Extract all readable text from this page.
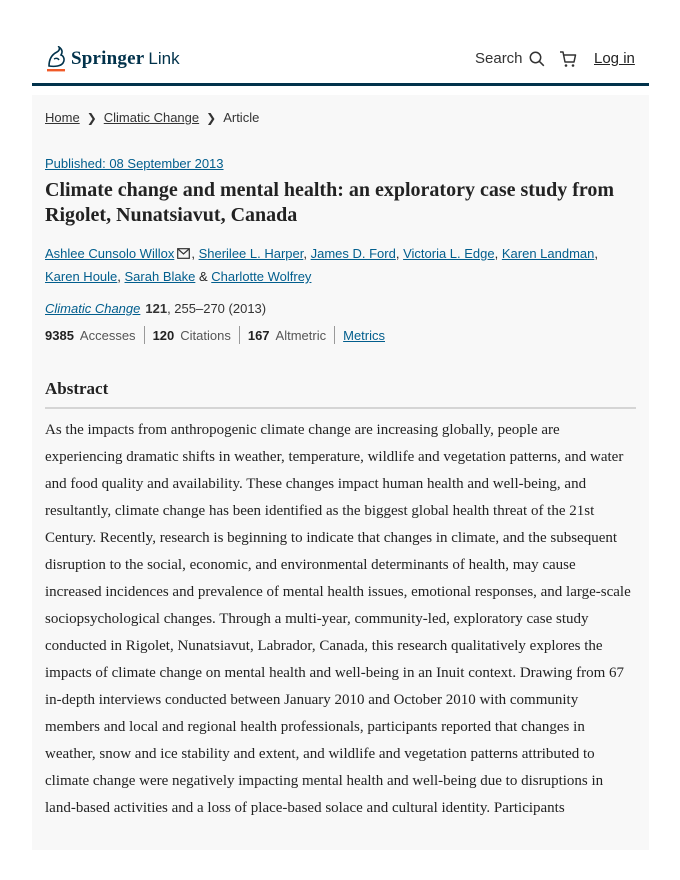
Springer Link	Search	Log in
Home ❯ Climatic Change ❯ Article
Published: 08 September 2013
Climate change and mental health: an exploratory case study from Rigolet, Nunatsiavut, Canada
Ashlee Cunsolo Willox , Sherilee L. Harper, James D. Ford, Victoria L. Edge, Karen Landman, Karen Houle, Sarah Blake & Charlotte Wolfrey
Climatic Change 121, 255–270 (2013)
9385 Accesses 120 Citations 167 Altmetric Metrics
Abstract

As the impacts from anthropogenic climate change are increasing globally, people are experiencing dramatic shifts in weather, temperature, wildlife and vegetation patterns, and water and food quality and availability. These changes impact human health and well-being, and resultantly, climate change has been identified as the biggest global health threat of the 21st Century. Recently, research is beginning to indicate that changes in climate, and the subsequent disruption to the social, economic, and environmental determinants of health, may cause increased incidences and prevalence of mental health issues, emotional responses, and large-scale sociopsychological changes. Through a multi-year, community-led, exploratory case study conducted in Rigolet, Nunatsiavut, Labrador, Canada, this research qualitatively explores the impacts of climate change on mental health and well-being in an Inuit context. Drawing from 67 in-depth interviews conducted between January 2010 and October 2010 with community members and local and regional health professionals, participants reported that changes in weather, snow and ice stability and extent, and wildlife and vegetation patterns attributed to climate change were negatively impacting mental health and well-being due to disruptions in land-based activities and a loss of place-based solace and cultural identity. Participants
